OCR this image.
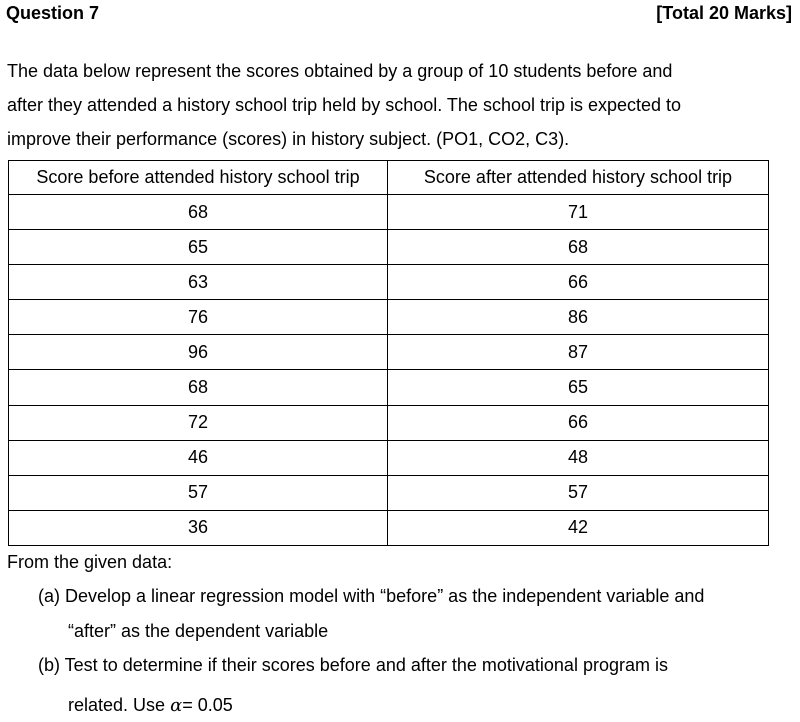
Question 7	[Total 20 Marks]

The data below represent the scores obtained by a group of 10 students before and

after they attended a history school trip held by school. The school trip is expected to

improve their performance (scores) in history subject. (PO1, CO2, C3).

Score before attended history school trip	Score after attended history school trip
68	71
65	68
63	66
76	86
96	87
68	65
72	66
46	48
57	57
36	42
From the given data:
(a) Develop a linear regression model with “before” as the independent variable and
“after” as the dependent variable
(b) Test to determine if their scores before and after the motivational program is
related. Use α= 0.05
